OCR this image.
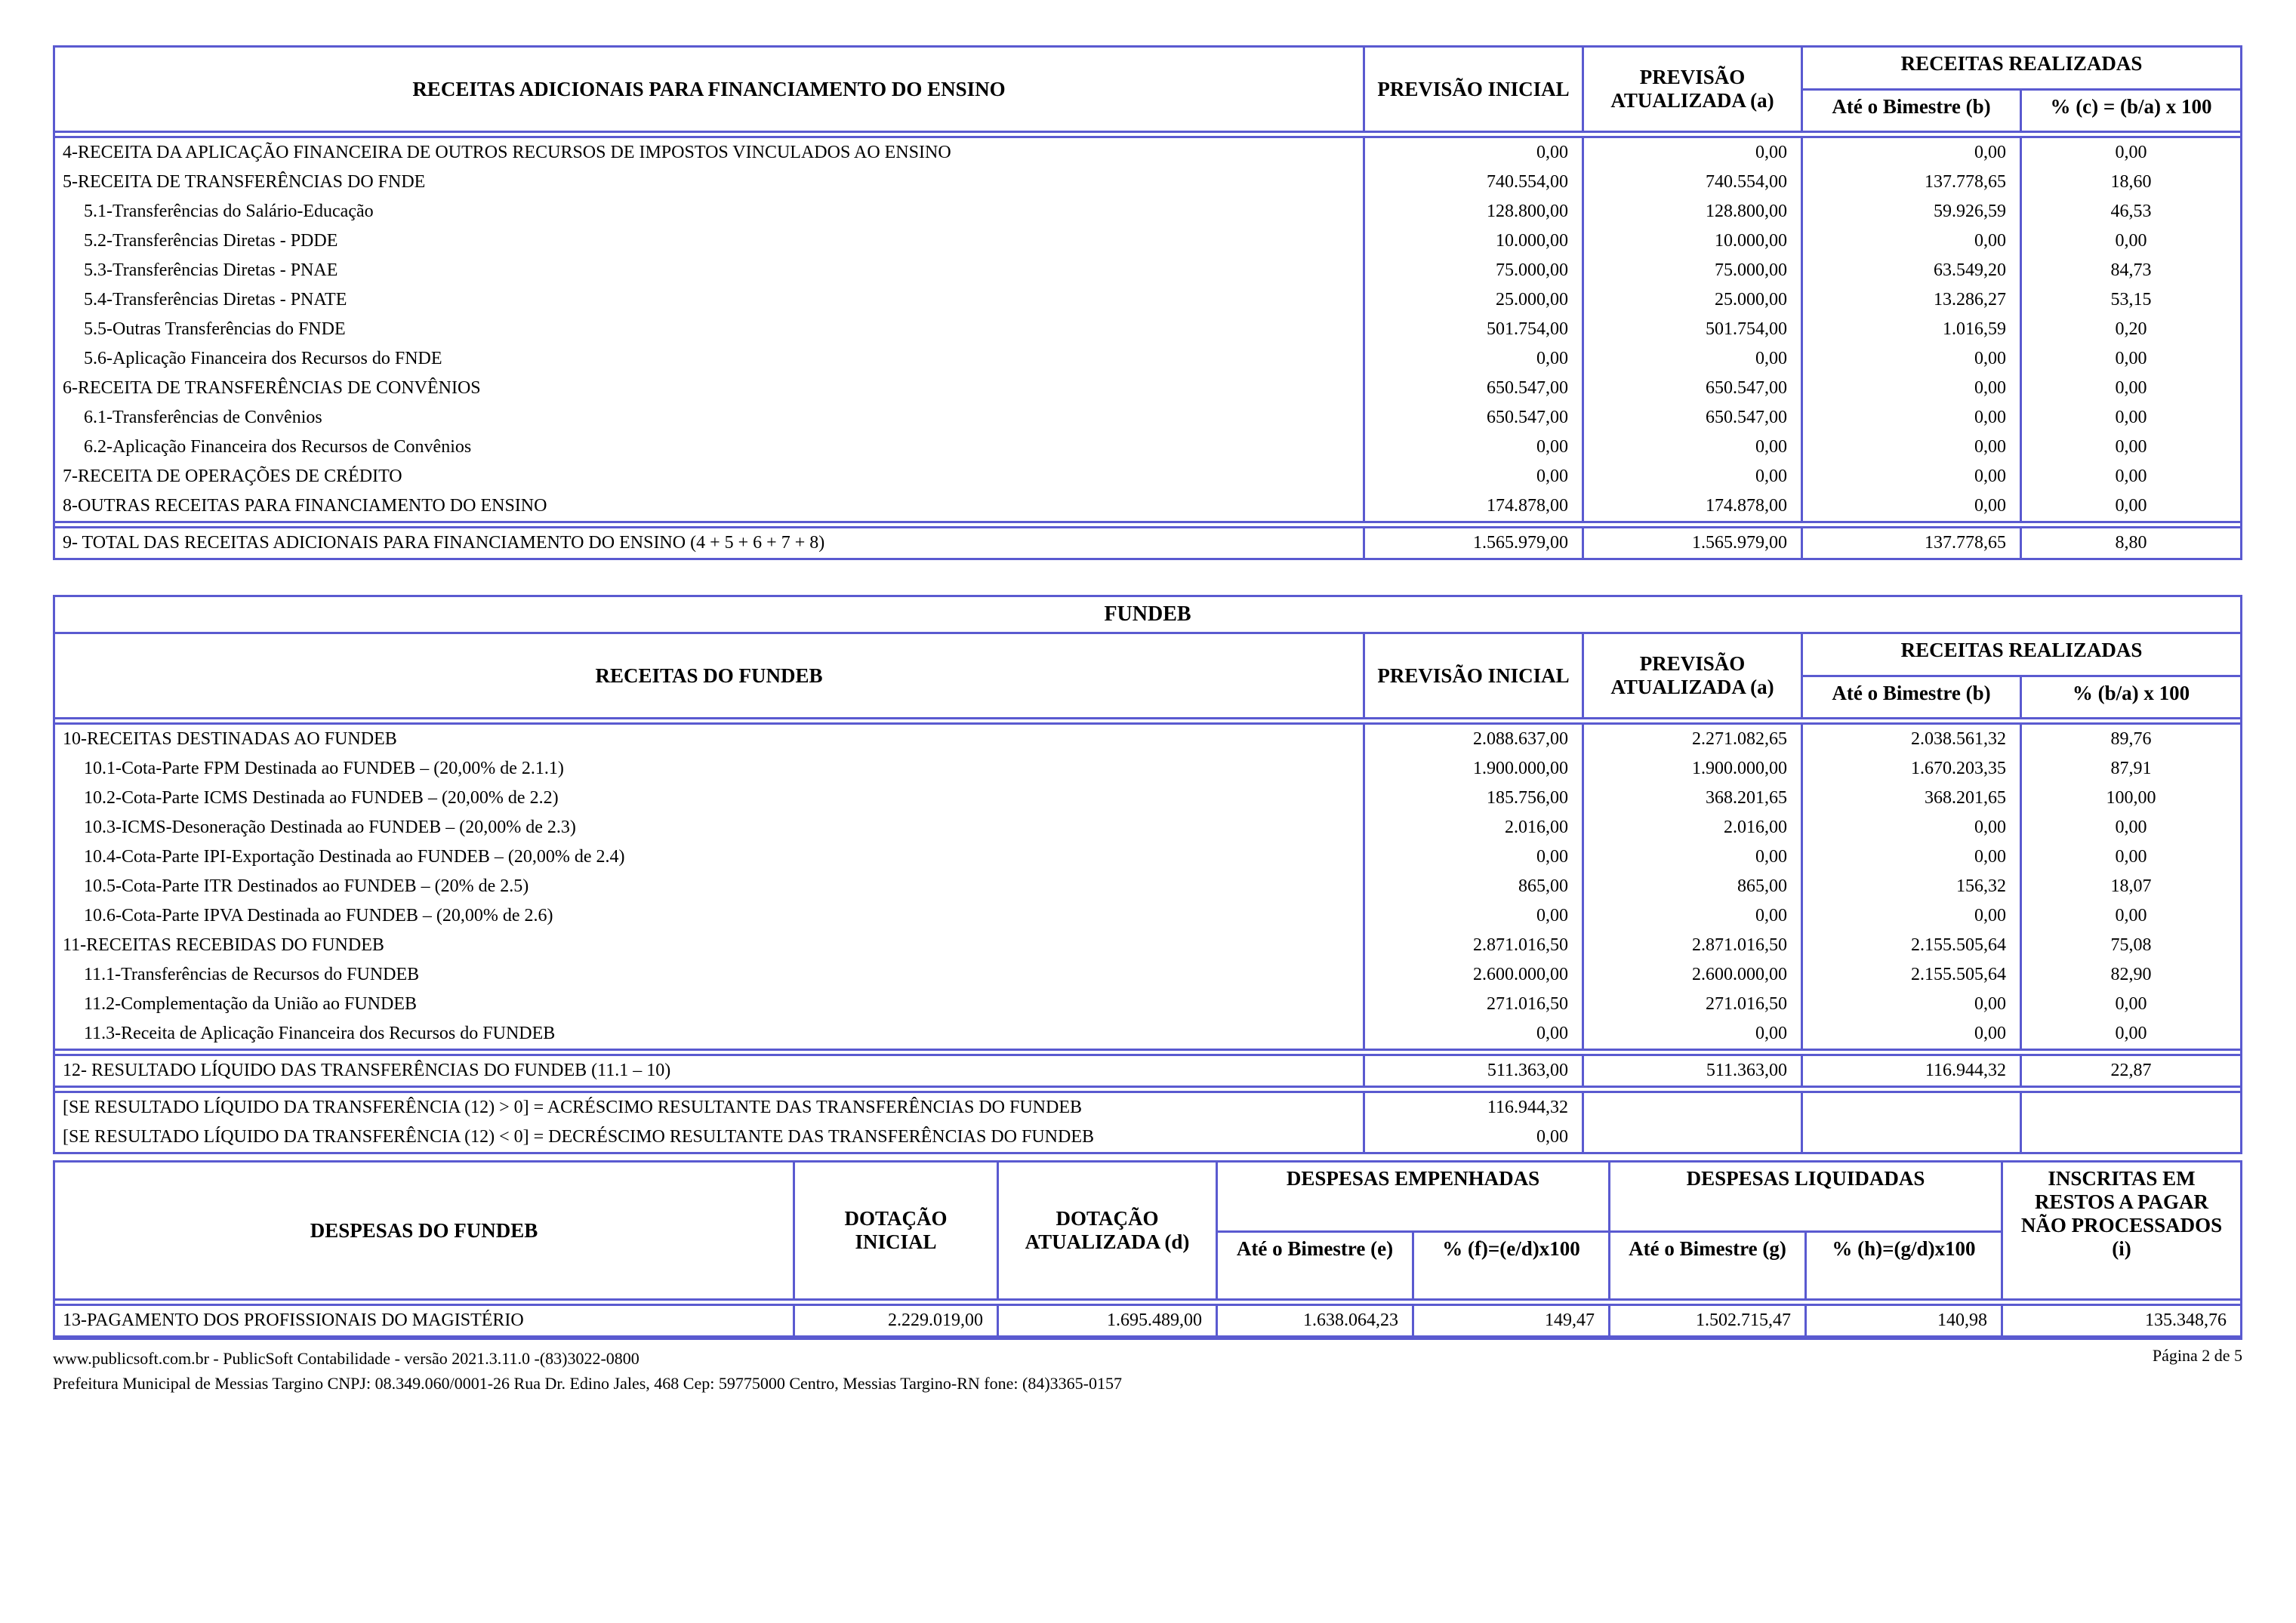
RECEITAS ADICIONAIS PARA FINANCIAMENTO DO ENSINO	PREVISÃO INICIAL	PREVISÃO ATUALIZADA (a)	RECEITAS REALIZADAS	
			Até o Bimestre (b)	% (c) = (b/a) x 100

4-RECEITA DA APLICAÇÃO FINANCEIRA DE OUTROS RECURSOS DE IMPOSTOS VINCULADOS AO ENSINO	0,00	0,00	0,00	0,00
5-RECEITA DE TRANSFERÊNCIAS DO FNDE	740.554,00	740.554,00	137.778,65	18,60
5.1-Transferências do Salário-Educação	128.800,00	128.800,00	59.926,59	46,53
5.2-Transferências Diretas - PDDE	10.000,00	10.000,00	0,00	0,00
5.3-Transferências Diretas - PNAE	75.000,00	75.000,00	63.549,20	84,73
5.4-Transferências Diretas - PNATE	25.000,00	25.000,00	13.286,27	53,15
5.5-Outras Transferências do FNDE	501.754,00	501.754,00	1.016,59	0,20
5.6-Aplicação Financeira dos Recursos do FNDE	0,00	0,00	0,00	0,00
6-RECEITA DE TRANSFERÊNCIAS DE CONVÊNIOS	650.547,00	650.547,00	0,00	0,00
6.1-Transferências de Convênios	650.547,00	650.547,00	0,00	0,00
6.2-Aplicação Financeira dos Recursos de Convênios	0,00	0,00	0,00	0,00
7-RECEITA DE OPERAÇÕES DE CRÉDITO	0,00	0,00	0,00	0,00
8-OUTRAS RECEITAS PARA FINANCIAMENTO DO ENSINO	174.878,00	174.878,00	0,00	0,00

9- TOTAL DAS RECEITAS ADICIONAIS PARA FINANCIAMENTO DO ENSINO (4 + 5 + 6 + 7 + 8)	1.565.979,00	1.565.979,00	137.778,65	8,80
FUNDEB
RECEITAS DO FUNDEB	PREVISÃO INICIAL	PREVISÃO ATUALIZADA (a)	RECEITAS REALIZADAS	
			Até o Bimestre (b)	% (b/a) x 100

10-RECEITAS DESTINADAS AO FUNDEB	2.088.637,00	2.271.082,65	2.038.561,32	89,76
10.1-Cota-Parte FPM Destinada ao FUNDEB – (20,00% de 2.1.1)	1.900.000,00	1.900.000,00	1.670.203,35	87,91
10.2-Cota-Parte ICMS Destinada ao FUNDEB – (20,00% de 2.2)	185.756,00	368.201,65	368.201,65	100,00
10.3-ICMS-Desoneração Destinada ao FUNDEB – (20,00% de 2.3)	2.016,00	2.016,00	0,00	0,00
10.4-Cota-Parte IPI-Exportação Destinada ao FUNDEB – (20,00% de 2.4)	0,00	0,00	0,00	0,00
10.5-Cota-Parte ITR Destinados ao FUNDEB – (20% de 2.5)	865,00	865,00	156,32	18,07
10.6-Cota-Parte IPVA Destinada ao FUNDEB – (20,00% de 2.6)	0,00	0,00	0,00	0,00
11-RECEITAS RECEBIDAS DO FUNDEB	2.871.016,50	2.871.016,50	2.155.505,64	75,08
11.1-Transferências de Recursos do FUNDEB	2.600.000,00	2.600.000,00	2.155.505,64	82,90
11.2-Complementação da União ao FUNDEB	271.016,50	271.016,50	0,00	0,00
11.3-Receita de Aplicação Financeira dos Recursos do FUNDEB	0,00	0,00	0,00	0,00

12- RESULTADO LÍQUIDO DAS TRANSFERÊNCIAS DO FUNDEB (11.1 – 10)	511.363,00	511.363,00	116.944,32	22,87

[SE RESULTADO LÍQUIDO DA TRANSFERÊNCIA (12) > 0] = ACRÉSCIMO RESULTANTE DAS TRANSFERÊNCIAS DO FUNDEB	116.944,32			
[SE RESULTADO LÍQUIDO DA TRANSFERÊNCIA (12) < 0] = DECRÉSCIMO RESULTANTE DAS TRANSFERÊNCIAS DO FUNDEB	0,00			
DESPESAS DO FUNDEB	DOTAÇÃO INICIAL	DOTAÇÃO ATUALIZADA (d)	DESPESAS EMPENHADAS		DESPESAS LIQUIDADAS		INSCRITAS EM RESTOS A PAGAR NÃO PROCESSADOS (i)
			Até o Bimestre (e)	% (f)=(e/d)x100	Até o Bimestre (g)	% (h)=(g/d)x100	

13-PAGAMENTO DOS PROFISSIONAIS DO MAGISTÉRIO	2.229.019,00	1.695.489,00	1.638.064,23	149,47	1.502.715,47	140,98	135.348,76
www.publicsoft.com.br - PublicSoft Contabilidade - versão 2021.3.11.0 -(83)3022-0800
Prefeitura Municipal de Messias Targino CNPJ: 08.349.060/0001-26 Rua Dr. Edino Jales, 468 Cep: 59775000 Centro, Messias Targino-RN fone: (84)3365-0157
Página 2 de 5
